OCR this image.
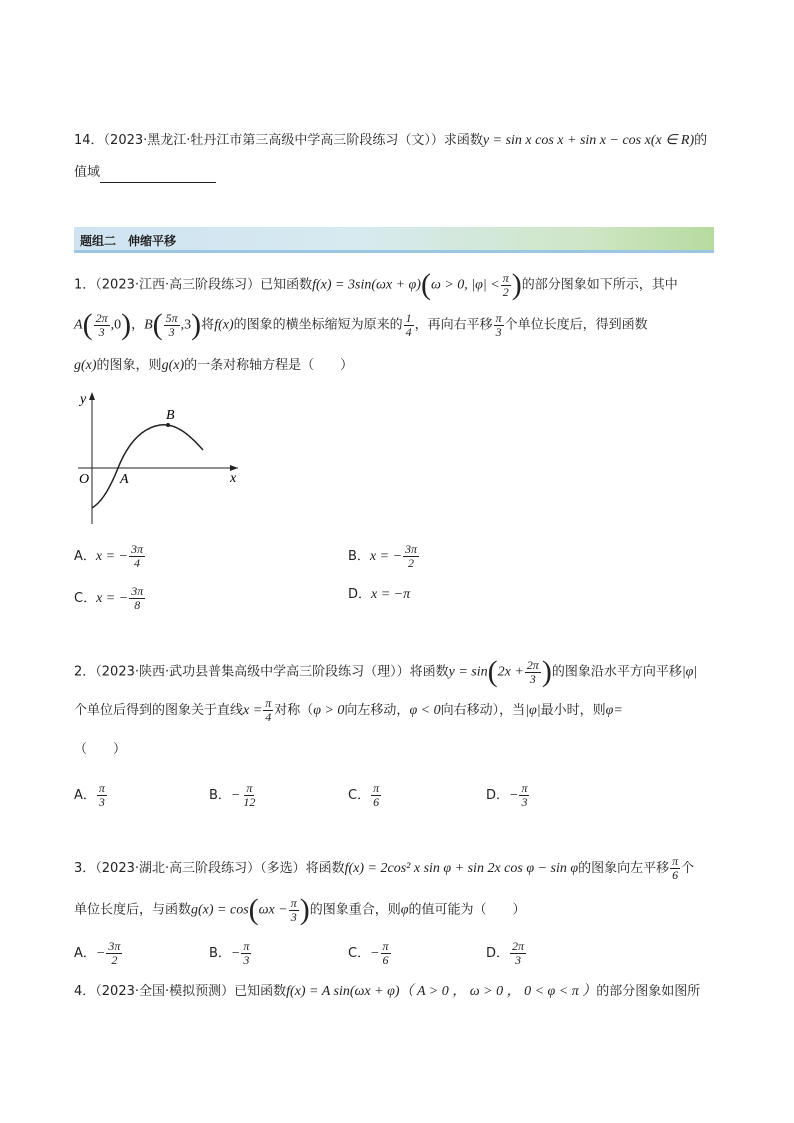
14．（2023·黑龙江·牡丹江市第三高级中学高三阶段练习（文））求函数y = sin x cos x + sin x − cos x(x ∈ R)的
值域
题组二　伸缩平移
1．（2023·江西·高三阶段练习）已知函数f(x) = 3sin(ωx + φ)(ω > 0, $|\varphi| < \frac{\pi}{2}$ )的部分图象如下所示，其中
$A( \frac{2\pi}{3} ,0)$，$B( \frac{5\pi}{3} ,3)$将f(x)的图象的横坐标缩短为原来的 $\frac{1}{4}$ ，再向右平移 $\frac{\pi}{3}$ 个单位长度后，得到函数
g(x)的图象，则g(x)的一条对称轴方程是（　　）
y
x
O A
B
A．x = − $\frac{3\pi}{4}$	B．x = − $\frac{3\pi}{2}$
C．x = − $\frac{3\pi}{8}$	D．x = −π
2．（2023·陕西·武功县普集高级中学高三阶段练习（理））将函数$y = \sin(2x + \frac{2\pi}{3}$ )的图象沿水平方向平移|φ|
个单位后得到的图象关于直线$x = \frac{\pi}{4}$ 对称（φ > 0向左移动，φ < 0向右移动），当|φ|最小时，则φ=
（　　）
A． $\frac{\pi}{3}$	B．− $\frac{\pi}{12}$	C． $\frac{\pi}{6}$	D．− $\frac{\pi}{3}$
3．（2023·湖北·高三阶段练习）（多选）将函数f(x) = 2cos² x sin φ + sin 2x cos φ − sin φ的图象向左平移 $\frac{\pi}{6}$ 个
单位长度后，与函数$g(x) = \cos(\omega x - \frac{\pi}{3}$ )的图象重合，则φ的值可能为（　　）
A．− $\frac{3\pi}{2}$	B．− $\frac{\pi}{3}$	C．− $\frac{\pi}{6}$	D． $\frac{2\pi}{3}$
4．（2023·全国·模拟预测）已知函数f(x) = A sin(ωx + φ)（ A > 0 ， ω > 0 ， 0 < φ < π ）的部分图象如图所
